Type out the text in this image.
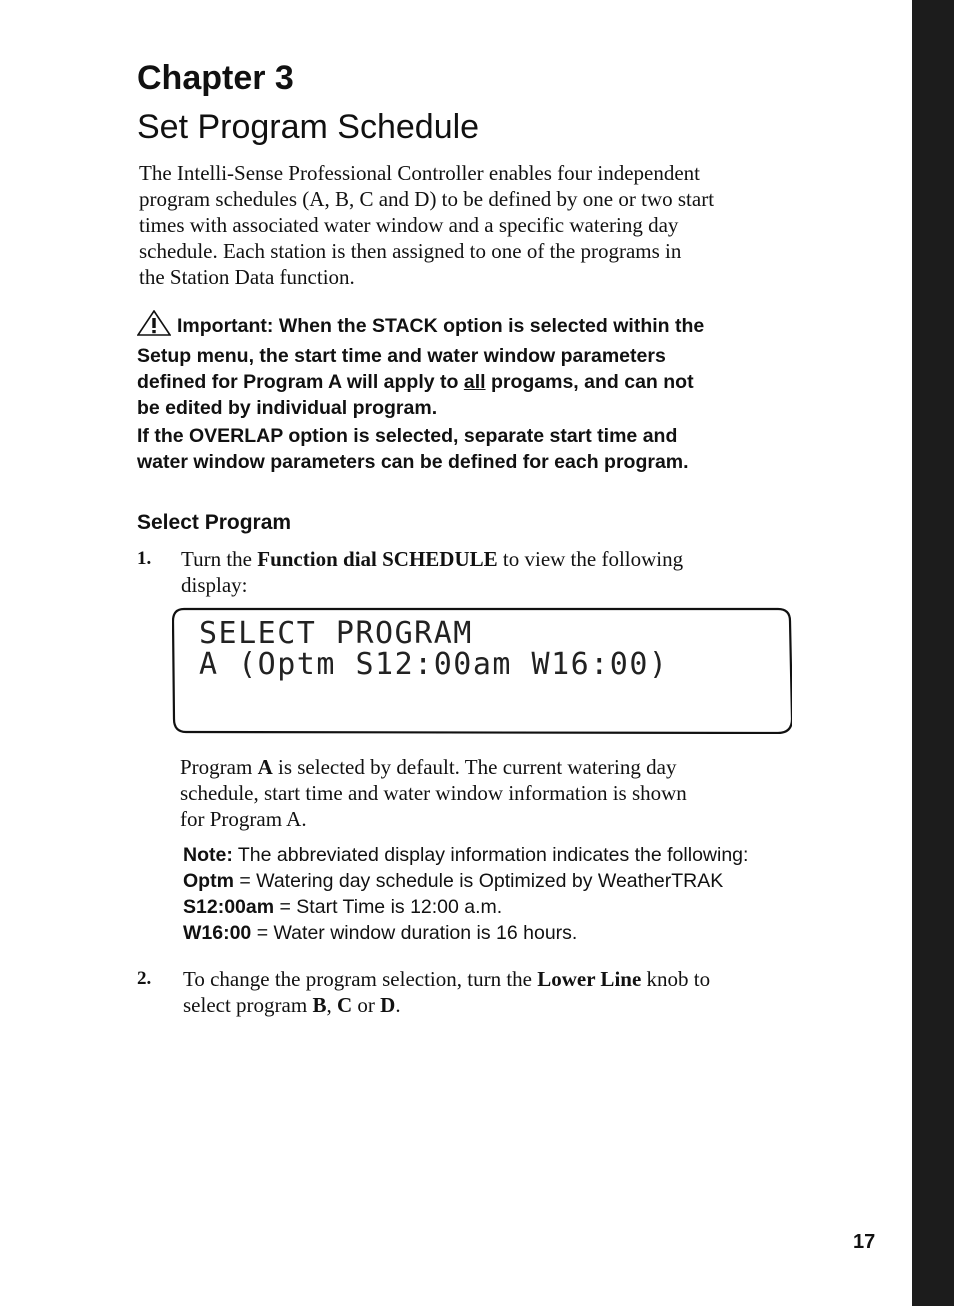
Chapter 3
Set Program Schedule
The Intelli-Sense Professional Controller enables four independent
program schedules (A, B, C and D) to be defined by one or two start
times with associated water window and a specific watering day
schedule. Each station is then assigned to one of the programs in
the Station Data function.
Important: When the STACK option is selected within the
Setup menu, the start time and water window parameters
defined for Program A will apply to all progams, and can not
be edited by individual program.
If the OVERLAP option is selected, separate start time and
water window parameters can be defined for each program.
Select Program
1. Turn the Function dial SCHEDULE to view the following
display:
SELECT PROGRAM
A (Optm S12:00am W16:00)
Program A is selected by default. The current watering day
schedule, start time and water window information is shown
for Program A.
Note: The abbreviated display information indicates the following:
Optm = Watering day schedule is Optimized by WeatherTRAK
S12:00am = Start Time is 12:00 a.m.
W16:00 = Water window duration is 16 hours.
2. To change the program selection, turn the Lower Line knob to
select program B, C or D.
17
